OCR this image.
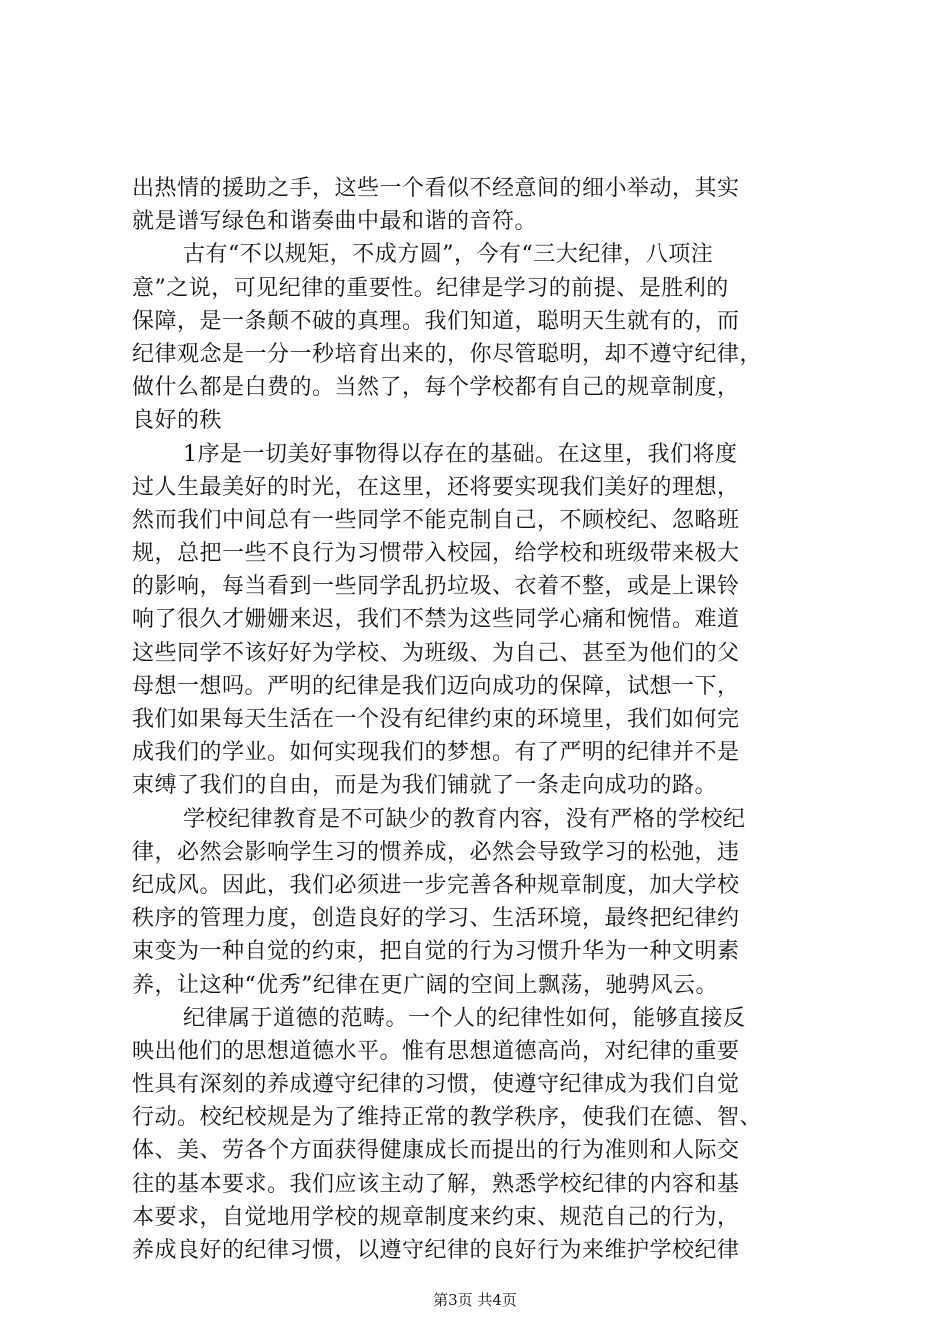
出热情的援助之手，这些一个看似不经意间的细小举动，其实
就是谱写绿色和谐奏曲中最和谐的音符。
古有“不以规矩，不成方圆”，今有“三大纪律，八项注
意”之说，可见纪律的重要性。纪律是学习的前提、是胜利的
保障，是一条颠不破的真理。我们知道，聪明天生就有的，而
纪律观念是一分一秒培育出来的，你尽管聪明，却不遵守纪律，
做什么都是白费的。当然了，每个学校都有自己的规章制度，
良好的秩
1序是一切美好事物得以存在的基础。在这里，我们将度
过人生最美好的时光，在这里，还将要实现我们美好的理想，
然而我们中间总有一些同学不能克制自己，不顾校纪、忽略班
规，总把一些不良行为习惯带入校园，给学校和班级带来极大
的影响，每当看到一些同学乱扔垃圾、衣着不整，或是上课铃
响了很久才姗姗来迟，我们不禁为这些同学心痛和惋惜。难道
这些同学不该好好为学校、为班级、为自己、甚至为他们的父
母想一想吗。严明的纪律是我们迈向成功的保障，试想一下，
我们如果每天生活在一个没有纪律约束的环境里，我们如何完
成我们的学业。如何实现我们的梦想。有了严明的纪律并不是
束缚了我们的自由，而是为我们铺就了一条走向成功的路。
学校纪律教育是不可缺少的教育内容，没有严格的学校纪
律，必然会影响学生习的惯养成，必然会导致学习的松弛，违
纪成风。因此，我们必须进一步完善各种规章制度，加大学校
秩序的管理力度，创造良好的学习、生活环境，最终把纪律约
束变为一种自觉的约束，把自觉的行为习惯升华为一种文明素
养，让这种“优秀”纪律在更广阔的空间上飘荡，驰骋风云。
纪律属于道德的范畴。一个人的纪律性如何，能够直接反
映出他们的思想道德水平。惟有思想道德高尚，对纪律的重要
性具有深刻的养成遵守纪律的习惯，使遵守纪律成为我们自觉
行动。校纪校规是为了维持正常的教学秩序，使我们在德、智、
体、美、劳各个方面获得健康成长而提出的行为准则和人际交
往的基本要求。我们应该主动了解，熟悉学校纪律的内容和基
本要求，自觉地用学校的规章制度来约束、规范自己的行为，
养成良好的纪律习惯，以遵守纪律的良好行为来维护学校纪律
第3页 共4页
